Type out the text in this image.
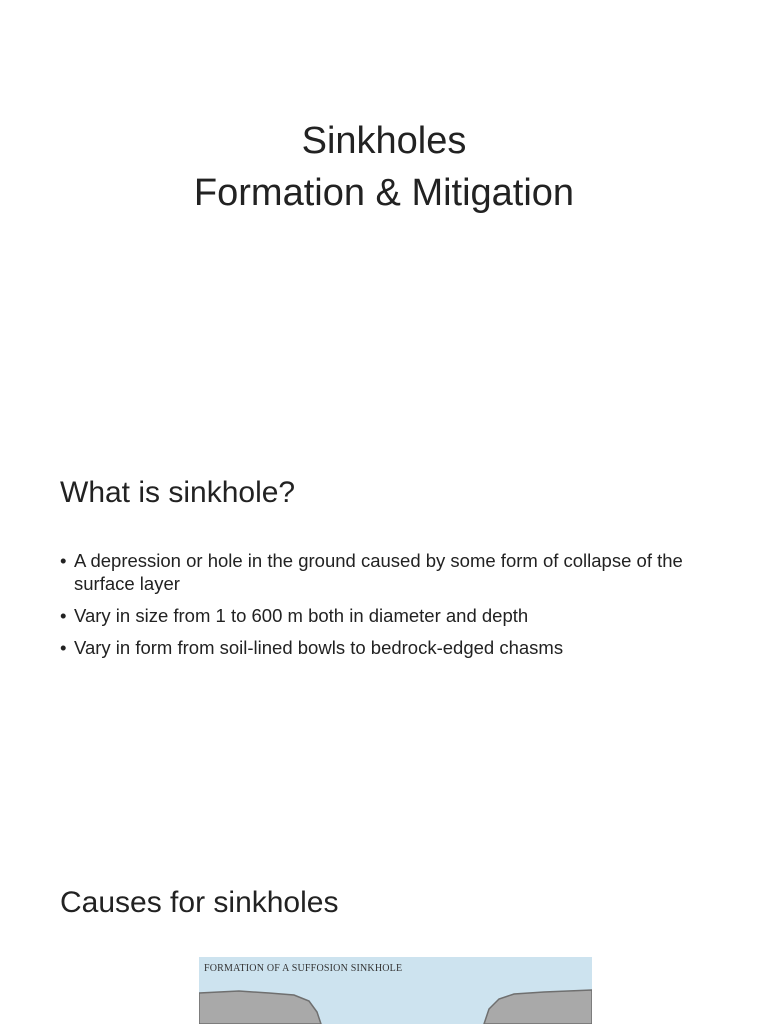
Sinkholes
Formation & Mitigation
What is sinkhole?
• A depression or hole in the ground caused by some form of collapse of the surface layer
• Vary in size from 1 to 600 m both in diameter and depth
• Vary in form from soil-lined bowls to bedrock-edged chasms
Causes for sinkholes
FORMATION OF A SUFFOSION SINKHOLE
